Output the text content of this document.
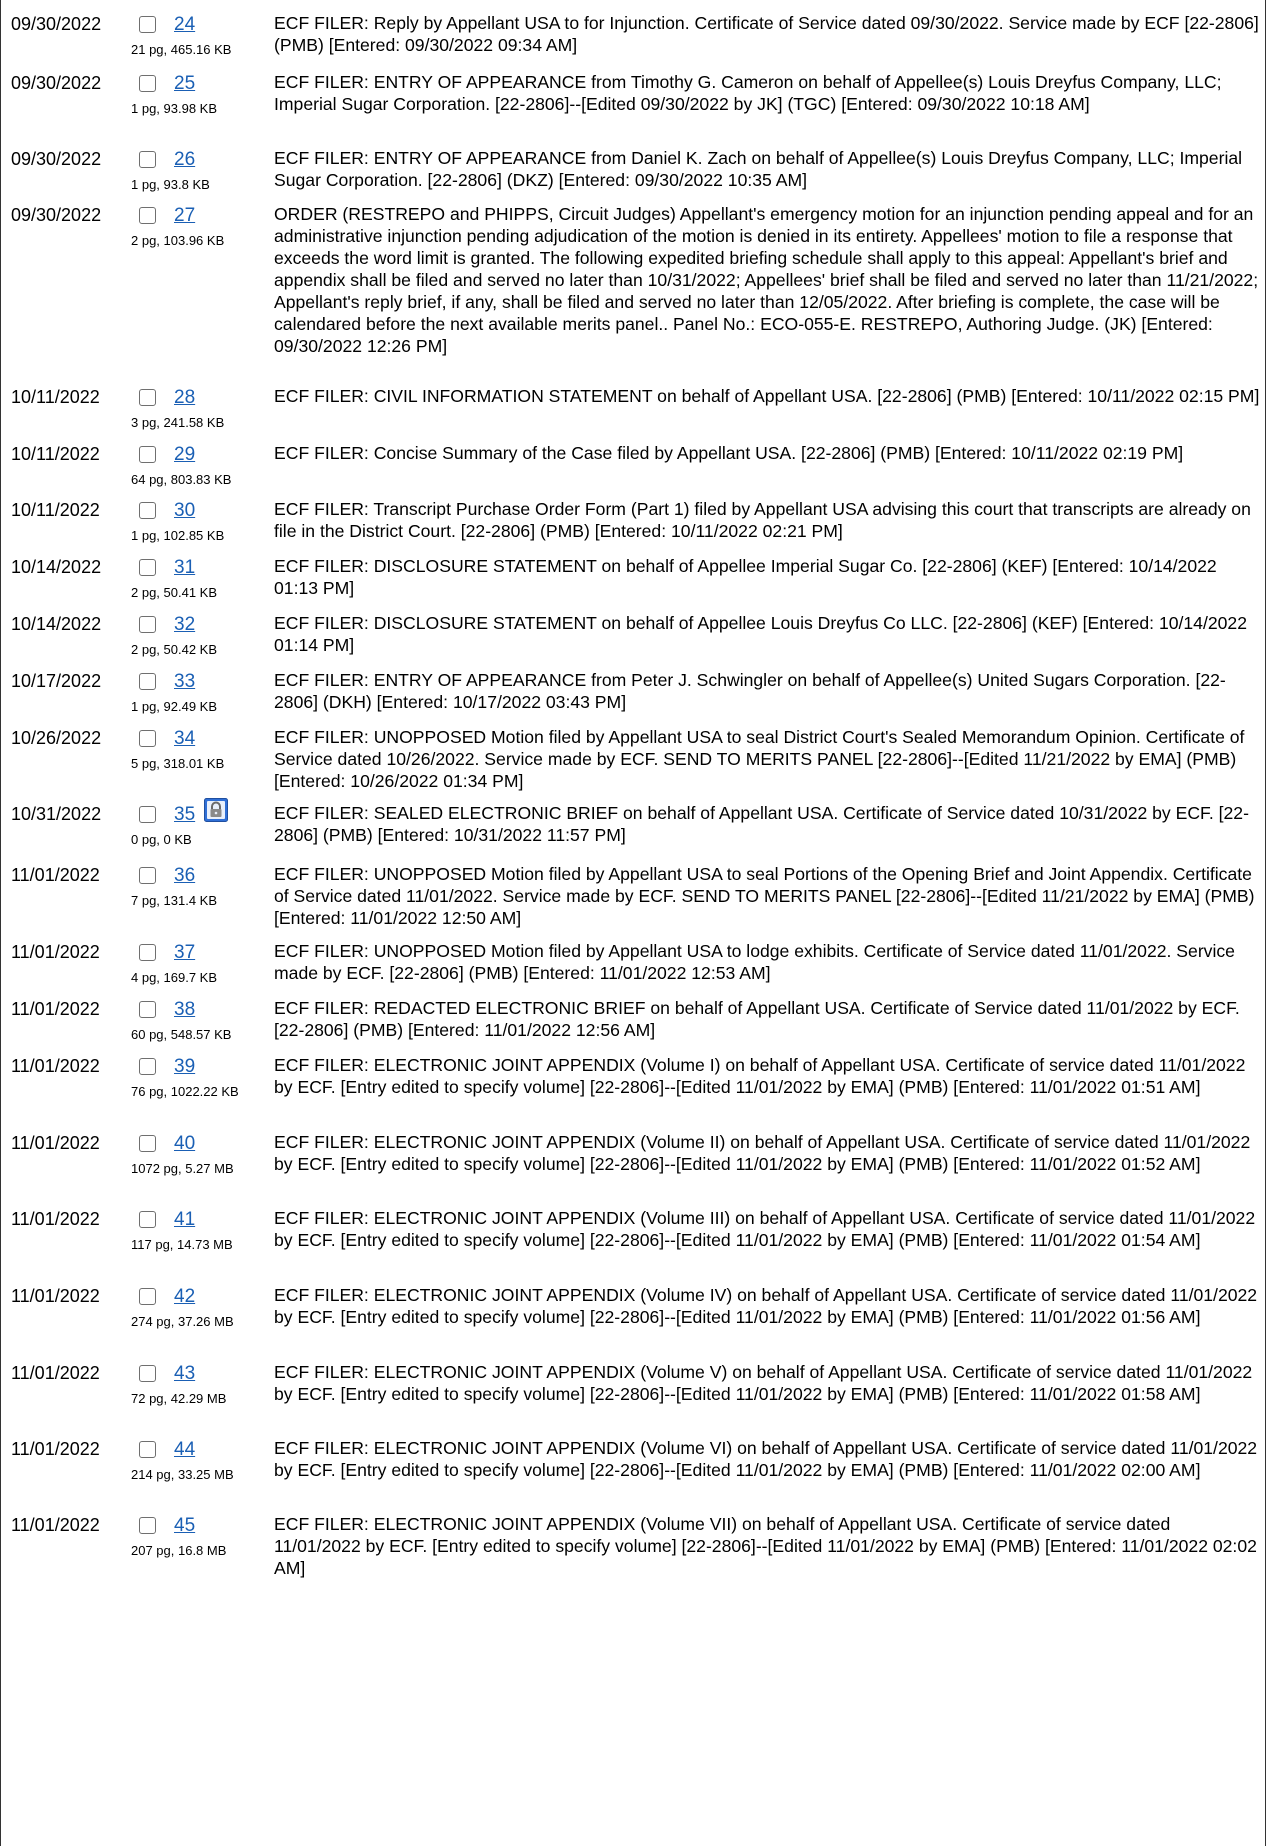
09/30/2022	24
21 pg, 465.16 KB
ECF FILER: Reply by Appellant USA to for Injunction. Certificate of Service dated 09/30/2022. Service made by ECF [22-2806] (PMB) [Entered: 09/30/2022 09:34 AM]
09/30/2022	25
1 pg, 93.98 KB
ECF FILER: ENTRY OF APPEARANCE from Timothy G. Cameron on behalf of Appellee(s) Louis Dreyfus Company, LLC; Imperial Sugar Corporation. [22-2806]--[Edited 09/30/2022 by JK] (TGC) [Entered: 09/30/2022 10:18 AM]
09/30/2022	26
1 pg, 93.8 KB
ECF FILER: ENTRY OF APPEARANCE from Daniel K. Zach on behalf of Appellee(s) Louis Dreyfus Company, LLC; Imperial Sugar Corporation. [22-2806] (DKZ) [Entered: 09/30/2022 10:35 AM]
09/30/2022	27
2 pg, 103.96 KB
ORDER (RESTREPO and PHIPPS, Circuit Judges) Appellant's emergency motion for an injunction pending appeal and for an administrative injunction pending adjudication of the motion is denied in its entirety. Appellees' motion to file a response that exceeds the word limit is granted. The following expedited briefing schedule shall apply to this appeal: Appellant's brief and appendix shall be filed and served no later than 10/31/2022; Appellees' brief shall be filed and served no later than 11/21/2022; Appellant's reply brief, if any, shall be filed and served no later than 12/05/2022. After briefing is complete, the case will be calendared before the next available merits panel.. Panel No.: ECO-055-E. RESTREPO, Authoring Judge. (JK) [Entered: 09/30/2022 12:26 PM]
10/11/2022	28
3 pg, 241.58 KB
ECF FILER: CIVIL INFORMATION STATEMENT on behalf of Appellant USA. [22-2806] (PMB) [Entered: 10/11/2022 02:15 PM]
10/11/2022	29
64 pg, 803.83 KB
ECF FILER: Concise Summary of the Case filed by Appellant USA. [22-2806] (PMB) [Entered: 10/11/2022 02:19 PM]
10/11/2022	30
1 pg, 102.85 KB
ECF FILER: Transcript Purchase Order Form (Part 1) filed by Appellant USA advising this court that transcripts are already on file in the District Court. [22-2806] (PMB) [Entered: 10/11/2022 02:21 PM]
10/14/2022	31
2 pg, 50.41 KB
ECF FILER: DISCLOSURE STATEMENT on behalf of Appellee Imperial Sugar Co. [22-2806] (KEF) [Entered: 10/14/2022 01:13 PM]
10/14/2022	32
2 pg, 50.42 KB
ECF FILER: DISCLOSURE STATEMENT on behalf of Appellee Louis Dreyfus Co LLC. [22-2806] (KEF) [Entered: 10/14/2022 01:14 PM]
10/17/2022	33
1 pg, 92.49 KB
ECF FILER: ENTRY OF APPEARANCE from Peter J. Schwingler on behalf of Appellee(s) United Sugars Corporation. [22-2806] (DKH) [Entered: 10/17/2022 03:43 PM]
10/26/2022	34
5 pg, 318.01 KB
ECF FILER: UNOPPOSED Motion filed by Appellant USA to seal District Court's Sealed Memorandum Opinion. Certificate of Service dated 10/26/2022. Service made by ECF. SEND TO MERITS PANEL [22-2806]--[Edited 11/21/2022 by EMA] (PMB) [Entered: 10/26/2022 01:34 PM]
10/31/2022	35
0 pg, 0 KB
ECF FILER: SEALED ELECTRONIC BRIEF on behalf of Appellant USA. Certificate of Service dated 10/31/2022 by ECF. [22-2806] (PMB) [Entered: 10/31/2022 11:57 PM]
11/01/2022	36
7 pg, 131.4 KB
ECF FILER: UNOPPOSED Motion filed by Appellant USA to seal Portions of the Opening Brief and Joint Appendix. Certificate of Service dated 11/01/2022. Service made by ECF. SEND TO MERITS PANEL [22-2806]--[Edited 11/21/2022 by EMA] (PMB) [Entered: 11/01/2022 12:50 AM]
11/01/2022	37
4 pg, 169.7 KB
ECF FILER: UNOPPOSED Motion filed by Appellant USA to lodge exhibits. Certificate of Service dated 11/01/2022. Service made by ECF. [22-2806] (PMB) [Entered: 11/01/2022 12:53 AM]
11/01/2022	38
60 pg, 548.57 KB
ECF FILER: REDACTED ELECTRONIC BRIEF on behalf of Appellant USA. Certificate of Service dated 11/01/2022 by ECF. [22-2806] (PMB) [Entered: 11/01/2022 12:56 AM]
11/01/2022	39
76 pg, 1022.22 KB
ECF FILER: ELECTRONIC JOINT APPENDIX (Volume I) on behalf of Appellant USA. Certificate of service dated 11/01/2022 by ECF. [Entry edited to specify volume] [22-2806]--[Edited 11/01/2022 by EMA] (PMB) [Entered: 11/01/2022 01:51 AM]
11/01/2022	40
1072 pg, 5.27 MB
ECF FILER: ELECTRONIC JOINT APPENDIX (Volume II) on behalf of Appellant USA. Certificate of service dated 11/01/2022 by ECF. [Entry edited to specify volume] [22-2806]--[Edited 11/01/2022 by EMA] (PMB) [Entered: 11/01/2022 01:52 AM]
11/01/2022	41
117 pg, 14.73 MB
ECF FILER: ELECTRONIC JOINT APPENDIX (Volume III) on behalf of Appellant USA. Certificate of service dated 11/01/2022 by ECF. [Entry edited to specify volume] [22-2806]--[Edited 11/01/2022 by EMA] (PMB) [Entered: 11/01/2022 01:54 AM]
11/01/2022	42
274 pg, 37.26 MB
ECF FILER: ELECTRONIC JOINT APPENDIX (Volume IV) on behalf of Appellant USA. Certificate of service dated 11/01/2022 by ECF. [Entry edited to specify volume] [22-2806]--[Edited 11/01/2022 by EMA] (PMB) [Entered: 11/01/2022 01:56 AM]
11/01/2022	43
72 pg, 42.29 MB
ECF FILER: ELECTRONIC JOINT APPENDIX (Volume V) on behalf of Appellant USA. Certificate of service dated 11/01/2022 by ECF. [Entry edited to specify volume] [22-2806]--[Edited 11/01/2022 by EMA] (PMB) [Entered: 11/01/2022 01:58 AM]
11/01/2022	44
214 pg, 33.25 MB
ECF FILER: ELECTRONIC JOINT APPENDIX (Volume VI) on behalf of Appellant USA. Certificate of service dated 11/01/2022 by ECF. [Entry edited to specify volume] [22-2806]--[Edited 11/01/2022 by EMA] (PMB) [Entered: 11/01/2022 02:00 AM]
11/01/2022	45
207 pg, 16.8 MB
ECF FILER: ELECTRONIC JOINT APPENDIX (Volume VII) on behalf of Appellant USA. Certificate of service dated 11/01/2022 by ECF. [Entry edited to specify volume] [22-2806]--[Edited 11/01/2022 by EMA] (PMB) [Entered: 11/01/2022 02:02 AM]
